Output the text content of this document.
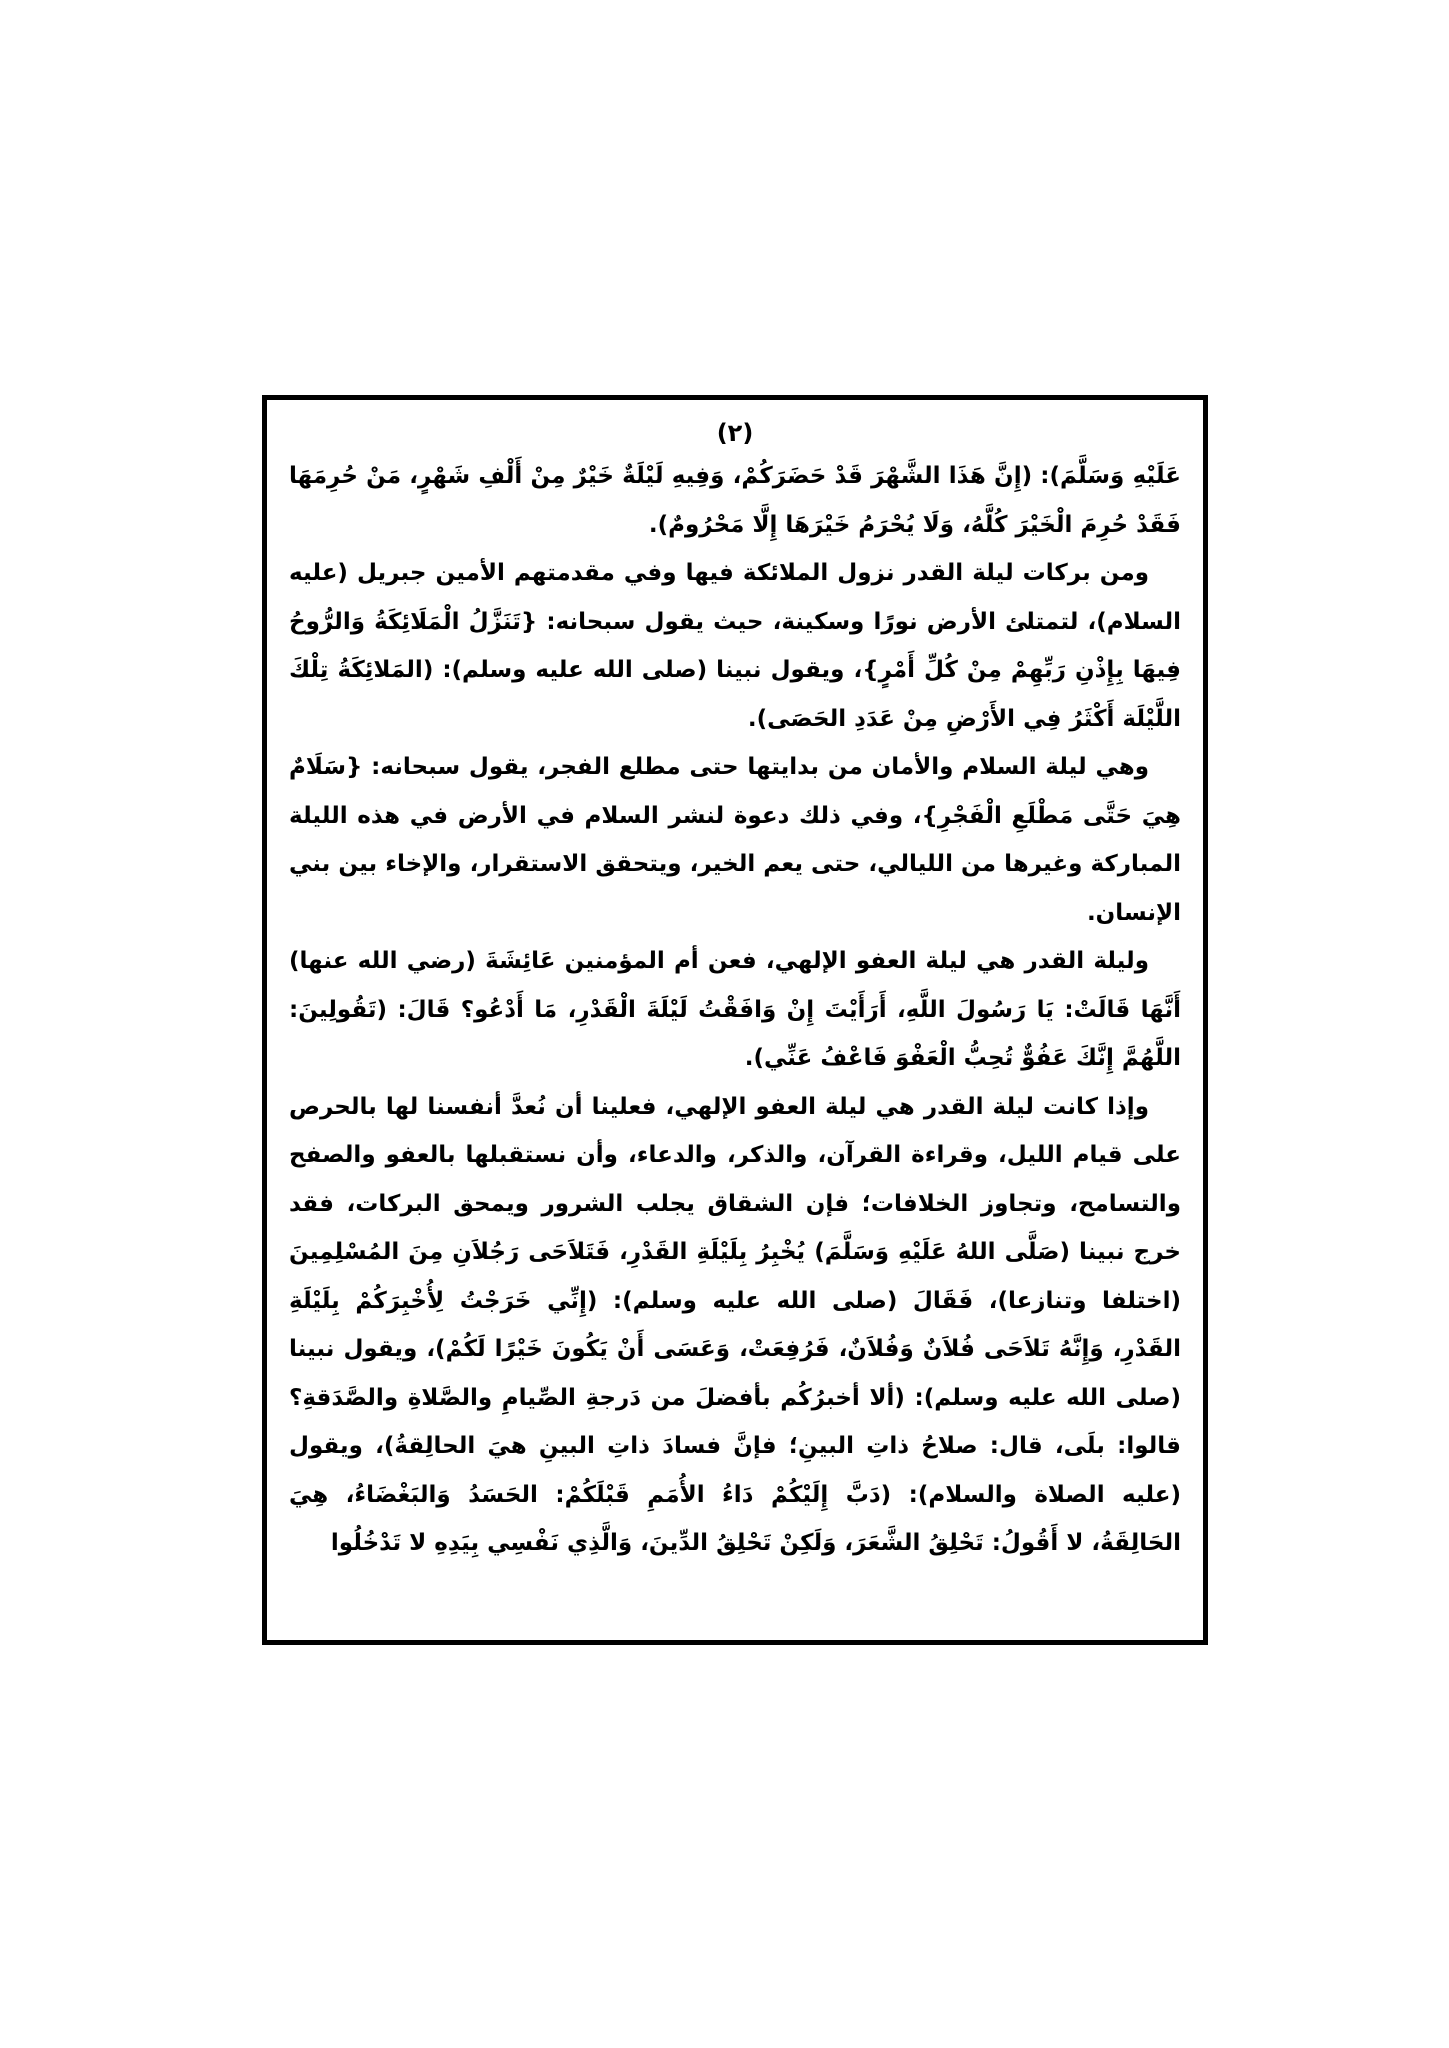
(٢)

عَلَيْهِ وَسَلَّمَ): (إِنَّ هَذَا الشَّهْرَ قَدْ حَضَرَكُمْ، وَفِيهِ لَيْلَةٌ خَيْرٌ مِنْ أَلْفِ شَهْرٍ، مَنْ حُرِمَهَا فَقَدْ حُرِمَ الْخَيْرَ كُلَّهُ، وَلَا يُحْرَمُ خَيْرَهَا إِلَّا مَحْرُومٌ).

ومن بركات ليلة القدر نزول الملائكة فيها وفي مقدمتهم الأمين جبريل (عليه السلام)، لتمتلئ الأرض نورًا وسكينة، حيث يقول سبحانه: {تَنَزَّلُ الْمَلَائِكَةُ وَالرُّوحُ فِيهَا بِإِذْنِ رَبِّهِمْ مِنْ كُلِّ أَمْرٍ}، ويقول نبينا (صلى الله عليه وسلم): (المَلائِكَةُ تِلْكَ اللَّيْلَة أَكْثَرُ فِي الأَرْضِ مِنْ عَدَدِ الحَصَى).

وهي ليلة السلام والأمان من بدايتها حتى مطلع الفجر، يقول سبحانه: {سَلَامٌ هِيَ حَتَّى مَطْلَعِ الْفَجْرِ}، وفي ذلك دعوة لنشر السلام في الأرض في هذه الليلة المباركة وغيرها من الليالي، حتى يعم الخير، ويتحقق الاستقرار، والإخاء بين بني الإنسان.

وليلة القدر هي ليلة العفو الإلهي، فعن أم المؤمنين عَائِشَةَ (رضي الله عنها) أَنَّهَا قَالَتْ: يَا رَسُولَ اللَّهِ، أَرَأَيْتَ إِنْ وَافَقْتُ لَيْلَةَ الْقَدْرِ، مَا أَدْعُو؟ قَالَ: (تَقُولِينَ: اللَّهُمَّ إِنَّكَ عَفُوٌّ تُحِبُّ الْعَفْوَ فَاعْفُ عَنِّي).

وإذا كانت ليلة القدر هي ليلة العفو الإلهي، فعلينا أن نُعدَّ أنفسنا لها بالحرص على قيام الليل، وقراءة القرآن، والذكر، والدعاء، وأن نستقبلها بالعفو والصفح والتسامح، وتجاوز الخلافات؛ فإن الشقاق يجلب الشرور ويمحق البركات، فقد خرج نبينا (صَلَّى اللهُ عَلَيْهِ وَسَلَّمَ) يُخْبِرُ بِلَيْلَةِ القَدْرِ، فَتَلاَحَى رَجُلاَنِ مِنَ المُسْلِمِينَ (اختلفا وتنازعا)، فَقَالَ (صلى الله عليه وسلم): (إِنِّي خَرَجْتُ لِأُخْبِرَكُمْ بِلَيْلَةِ القَدْرِ، وَإِنَّهُ تَلاَحَى فُلاَنٌ وَفُلاَنٌ، فَرُفِعَتْ، وَعَسَى أَنْ يَكُونَ خَيْرًا لَكُمْ)، ويقول نبينا (صلى الله عليه وسلم): (ألا أخبرُكُم بأفضلَ من دَرجةِ الصِّيامِ والصَّلاةِ والصَّدَقةِ؟ قالوا: بلَى، قال: صلاحُ ذاتِ البينِ؛ فإنَّ فسادَ ذاتِ البينِ هيَ الحالِقةُ)، ويقول (عليه الصلاة والسلام): (دَبَّ إِلَيْكُمْ دَاءُ الأُمَمِ قَبْلَكُمْ: الحَسَدُ وَالبَغْضَاءُ، هِيَ الحَالِقَةُ، لا أَقُولُ: تَحْلِقُ الشَّعَرَ، وَلَكِنْ تَحْلِقُ الدِّينَ، وَالَّذِي نَفْسِي بِيَدِهِ لا تَدْخُلُوا
